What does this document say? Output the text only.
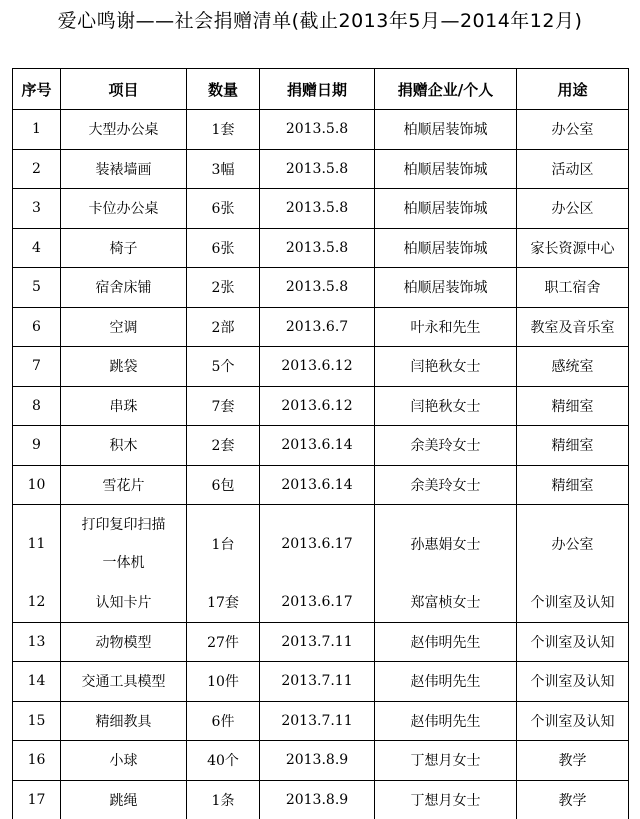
爱心鸣谢——社会捐赠清单(截止2013年5月—2014年12月)
序号	项目	数量	捐赠日期	捐赠企业/个人	用途
1	大型办公桌	1套	2013.5.8	柏顺居装饰城	办公室
2	装裱墙画	3幅	2013.5.8	柏顺居装饰城	活动区
3	卡位办公桌	6张	2013.5.8	柏顺居装饰城	办公区
4	椅子	6张	2013.5.8	柏顺居装饰城	家长资源中心
5	宿舍床铺	2张	2013.5.8	柏顺居装饰城	职工宿舍
6	空调	2部	2013.6.7	叶永和先生	教室及音乐室
7	跳袋	5个	2013.6.12	闫艳秋女士	感统室
8	串珠	7套	2013.6.12	闫艳秋女士	精细室
9	积木	2套	2013.6.14	余美玲女士	精细室
10	雪花片	6包	2013.6.14	余美玲女士	精细室
11	打印复印扫描一体机	1台	2013.6.17	孙惠娟女士	办公室
12	认知卡片	17套	2013.6.17	郑富桢女士	个训室及认知
13	动物模型	27件	2013.7.11	赵伟明先生	个训室及认知
14	交通工具模型	10件	2013.7.11	赵伟明先生	个训室及认知
15	精细教具	6件	2013.7.11	赵伟明先生	个训室及认知
16	小球	40个	2013.8.9	丁想月女士	教学
17	跳绳	1条	2013.8.9	丁想月女士	教学
